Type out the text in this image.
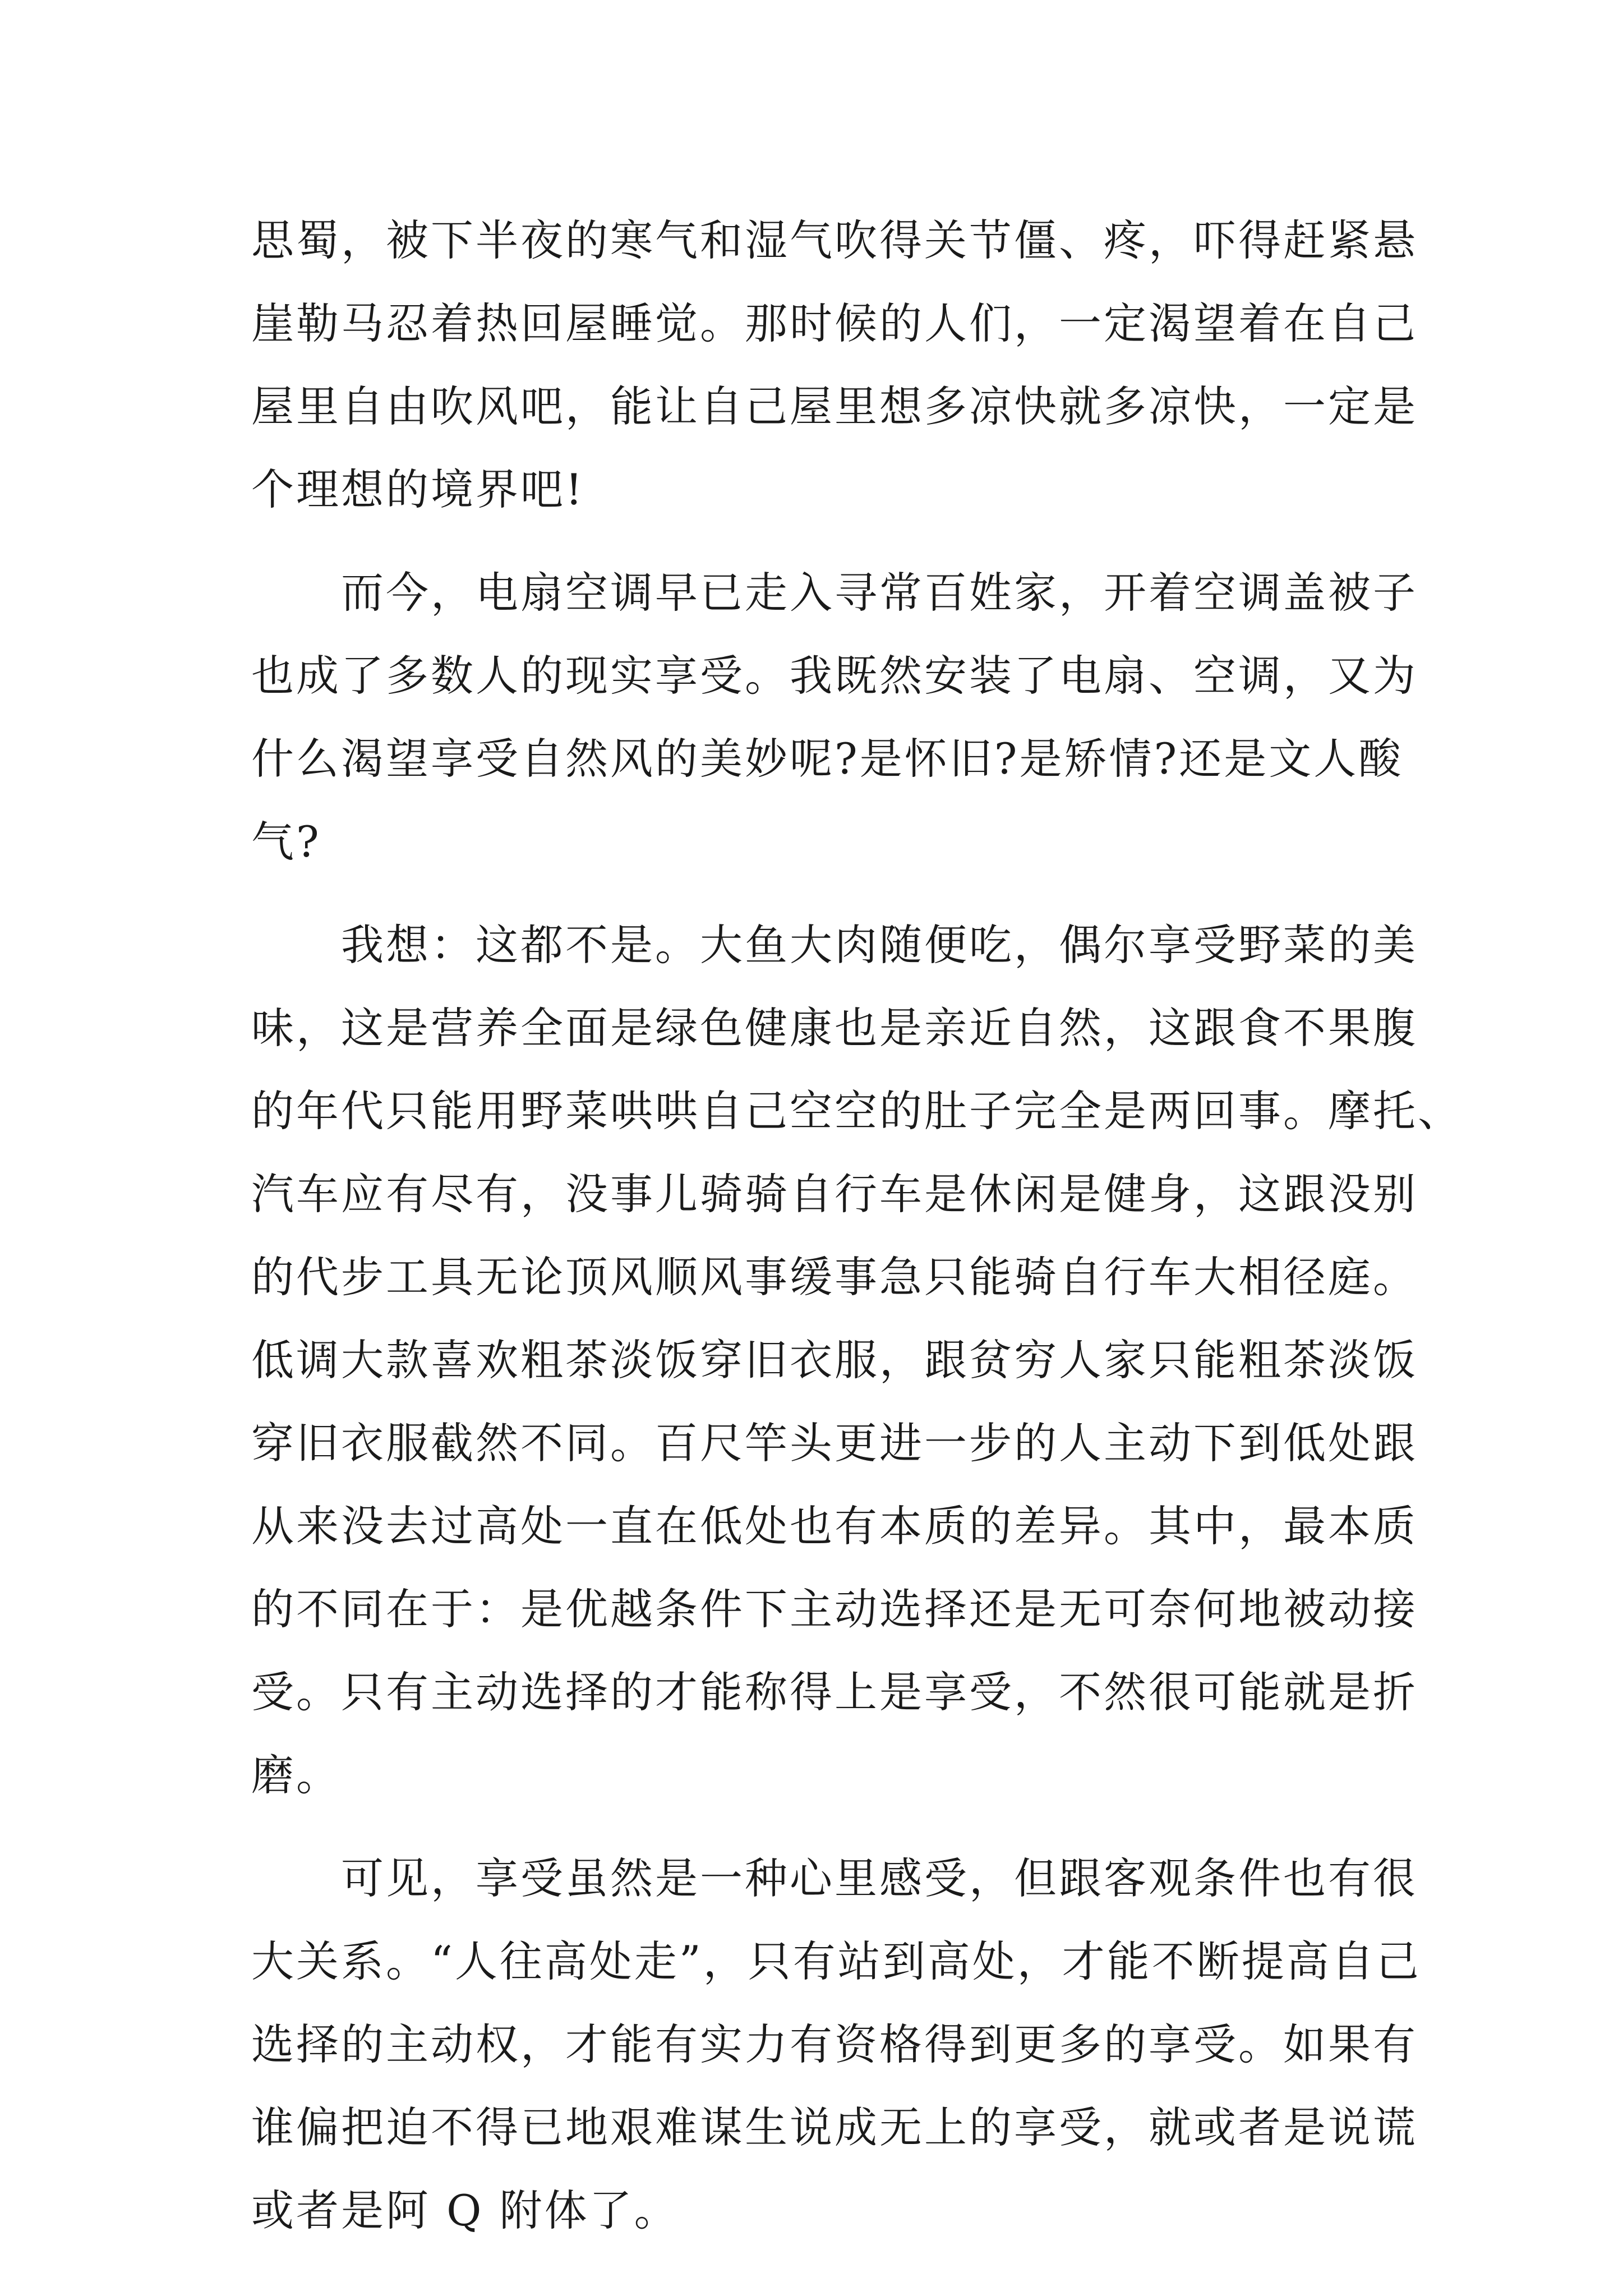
思蜀，被下半夜的寒气和湿气吹得关节僵、疼，吓得赶紧悬
崖勒马忍着热回屋睡觉。那时候的人们，一定渴望着在自己
屋里自由吹风吧，能让自己屋里想多凉快就多凉快，一定是
个理想的境界吧!
而今，电扇空调早已走入寻常百姓家，开着空调盖被子
也成了多数人的现实享受。我既然安装了电扇、空调，又为
什么渴望享受自然风的美妙呢?是怀旧?是矫情?还是文人酸
气?
我想：这都不是。大鱼大肉随便吃，偶尔享受野菜的美
味，这是营养全面是绿色健康也是亲近自然，这跟食不果腹
的年代只能用野菜哄哄自己空空的肚子完全是两回事。摩托、
汽车应有尽有，没事儿骑骑自行车是休闲是健身，这跟没别
的代步工具无论顶风顺风事缓事急只能骑自行车大相径庭。
低调大款喜欢粗茶淡饭穿旧衣服，跟贫穷人家只能粗茶淡饭
穿旧衣服截然不同。百尺竿头更进一步的人主动下到低处跟
从来没去过高处一直在低处也有本质的差异。其中，最本质
的不同在于：是优越条件下主动选择还是无可奈何地被动接
受。只有主动选择的才能称得上是享受，不然很可能就是折
磨。
可见，享受虽然是一种心里感受，但跟客观条件也有很
大关系。“人往高处走”，只有站到高处，才能不断提高自己
选择的主动权，才能有实力有资格得到更多的享受。如果有
谁偏把迫不得已地艰难谋生说成无上的享受，就或者是说谎
或者是阿 Q 附体了。
